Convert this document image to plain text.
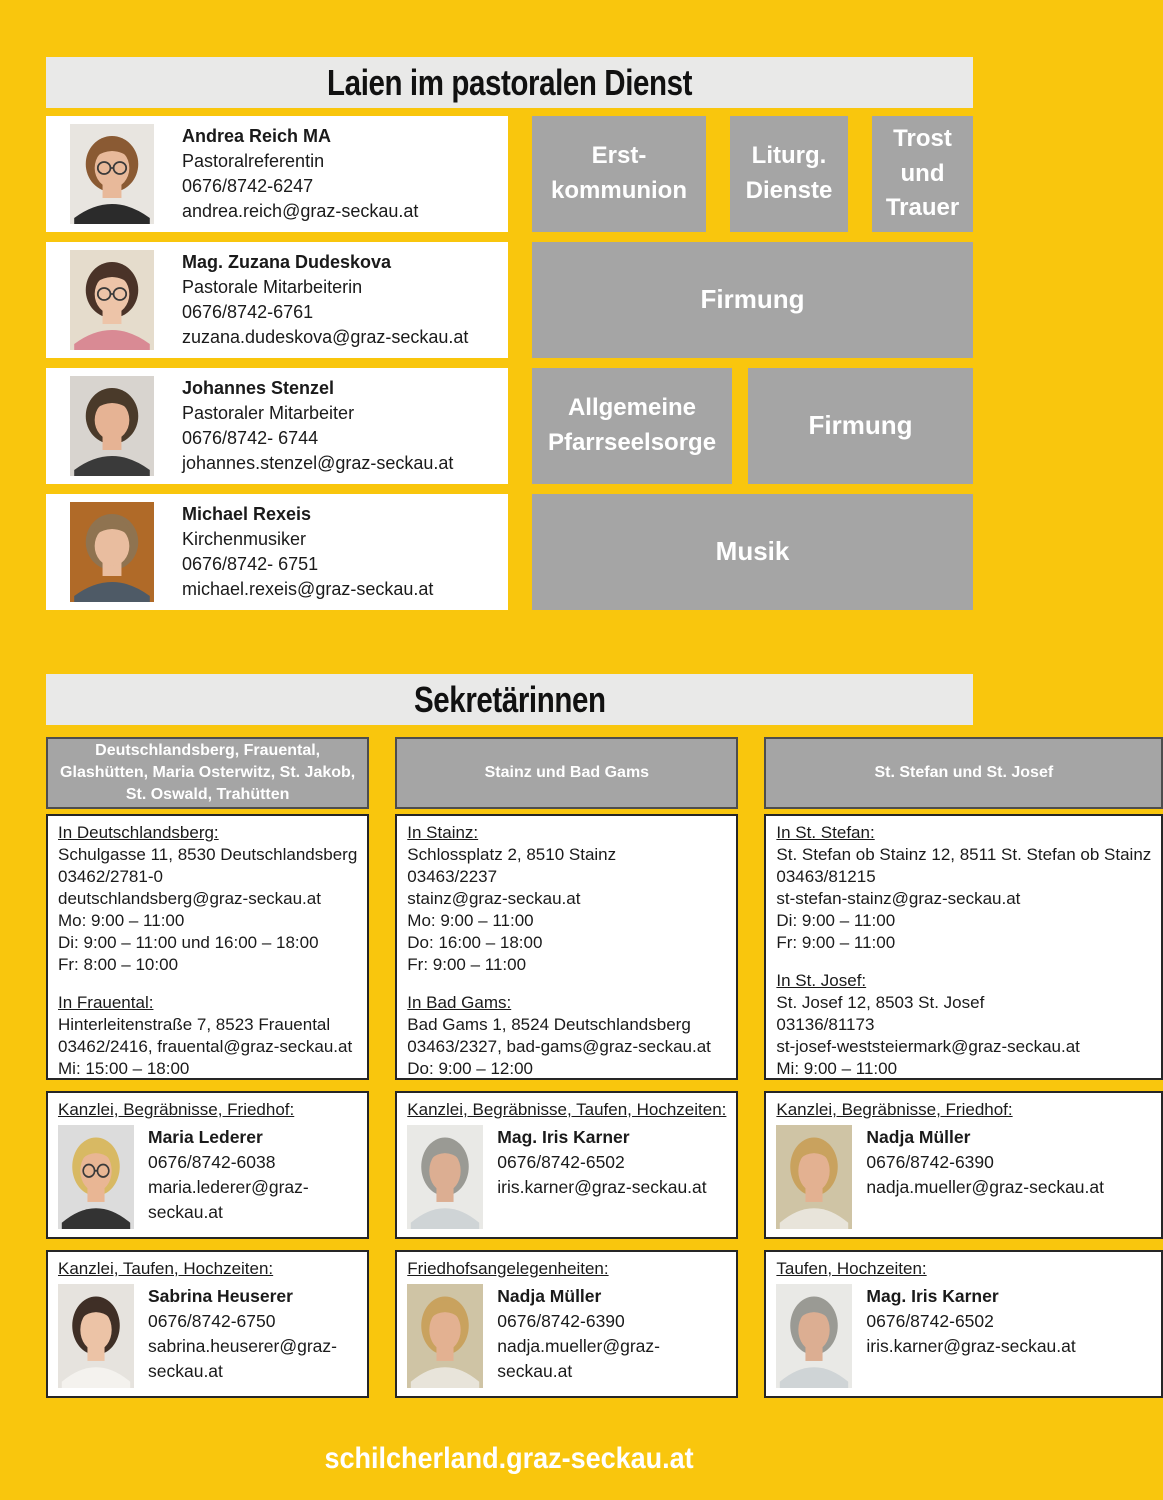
Laien im pastoralen Dienst
Andrea Reich MA
Pastoralreferentin
0676/8742-6247
andrea.reich@graz-seckau.at
Mag. Zuzana Dudeskova
Pastorale Mitarbeiterin
0676/8742-6761
zuzana.dudeskova@graz-seckau.at
Johannes Stenzel
Pastoraler Mitarbeiter
0676/8742- 6744
johannes.stenzel@graz-seckau.at
Michael Rexeis
Kirchenmusiker
0676/8742- 6751
michael.rexeis@graz-seckau.at
Erst-
kommunion
Liturg.
Dienste
Trost
und
Trauer
Firmung
Allgemeine
Pfarrseelsorge
Firmung
Musik
Sekretärinnen
Deutschlandsberg, Frauental, Glashütten, Maria Osterwitz, St. Jakob, St. Oswald, Trahütten
In Deutschlandsberg:
Schulgasse 11, 8530 Deutschlandsberg
03462/2781-0
deutschlandsberg@graz-seckau.at
Mo: 9:00 – 11:00
Di: 9:00 – 11:00 und 16:00 – 18:00
Fr: 8:00 – 10:00
In Frauental:
Hinterleitenstraße 7, 8523 Frauental
03462/2416, frauental@graz-seckau.at
Mi: 15:00 – 18:00
Kanzlei, Begräbnisse, Friedhof:
Maria Lederer
0676/8742-6038
maria.lederer@graz-seckau.at
Kanzlei, Taufen, Hochzeiten:
Sabrina Heuserer
0676/8742-6750
sabrina.heuserer@graz-seckau.at
Stainz und Bad Gams
In Stainz:
Schlossplatz 2, 8510 Stainz
03463/2237
stainz@graz-seckau.at
Mo: 9:00 – 11:00
Do: 16:00 – 18:00
Fr: 9:00 – 11:00
In Bad Gams:
Bad Gams 1, 8524 Deutschlandsberg
03463/2327, bad-gams@graz-seckau.at
Do: 9:00 – 12:00
Kanzlei, Begräbnisse, Taufen, Hochzeiten:
Mag. Iris Karner
0676/8742-6502
iris.karner@graz-seckau.at
Friedhofsangelegenheiten:
Nadja Müller
0676/8742-6390
nadja.mueller@graz-seckau.at
St. Stefan und St. Josef
In St. Stefan:
St. Stefan ob Stainz 12, 8511 St. Stefan ob Stainz
03463/81215
st-stefan-stainz@graz-seckau.at
Di: 9:00 – 11:00
Fr: 9:00 – 11:00
In St. Josef:
St. Josef 12, 8503 St. Josef
03136/81173
st-josef-weststeiermark@graz-seckau.at
Mi: 9:00 – 11:00
Kanzlei, Begräbnisse, Friedhof:
Nadja Müller
0676/8742-6390
nadja.mueller@graz-seckau.at
Taufen, Hochzeiten:
Mag. Iris Karner
0676/8742-6502
iris.karner@graz-seckau.at
schilcherland.graz-seckau.at
